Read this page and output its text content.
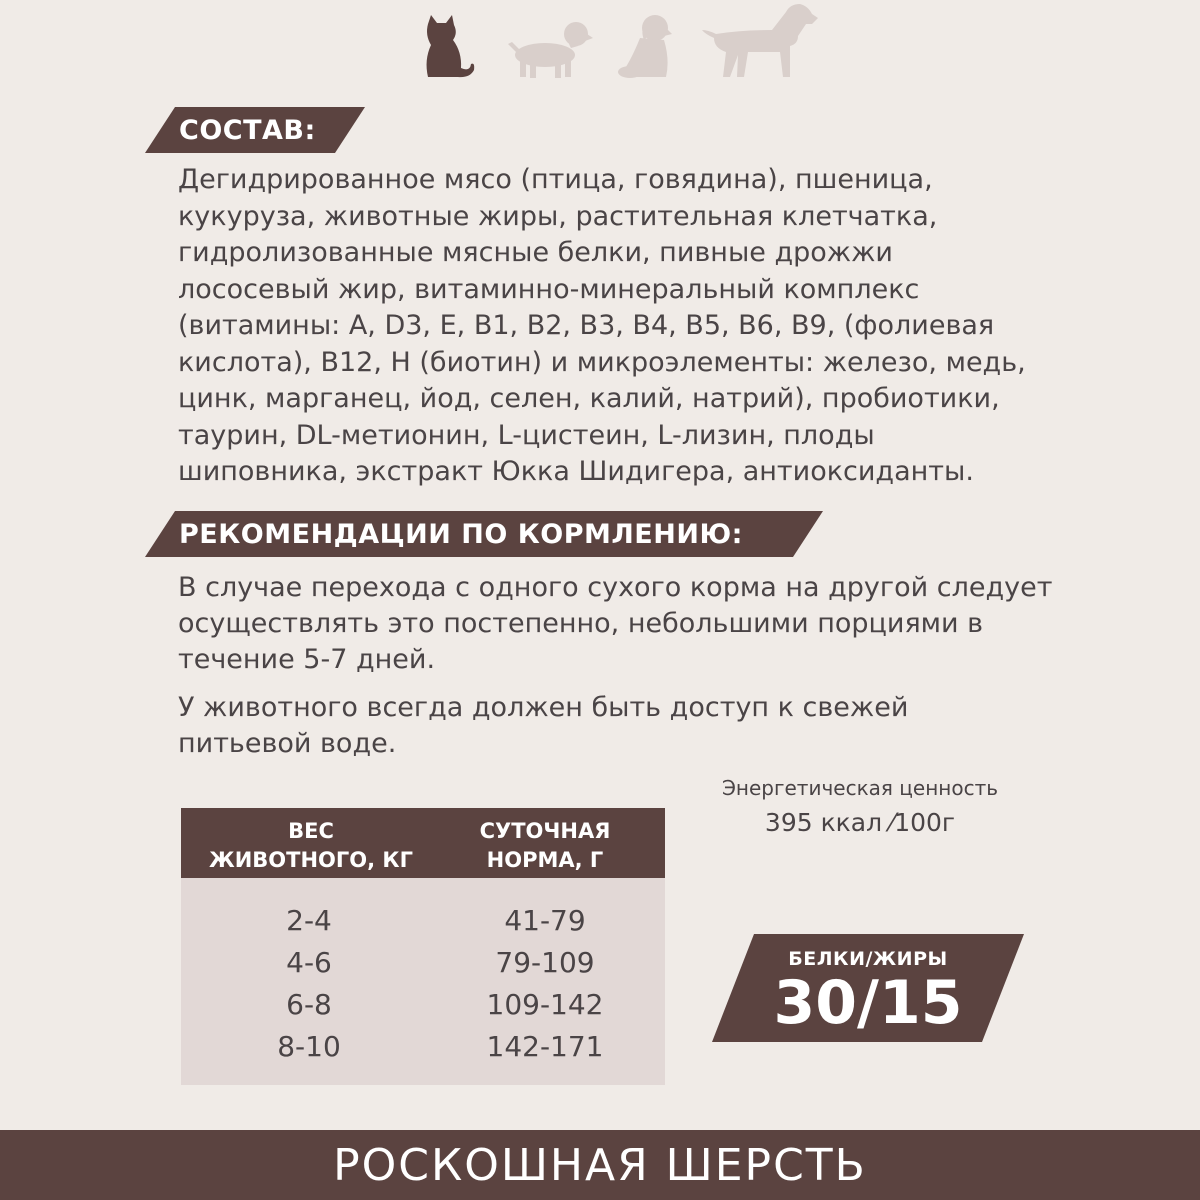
СОСТАВ:

Дегидрированное мясо (птица, говядина), пшеница,
кукуруза, животные жиры, растительная клетчатка,
гидролизованные мясные белки, пивные дрожжи
лососевый жир, витаминно-минеральный комплекс
(витамины: A, D3, E, B1, B2, B3, B4, B5, B6, B9, (фолиевая
кислота), B12, H (биотин) и микроэлементы: железо, медь,
цинк, марганец, йод, селен, калий, натрий), пробиотики,
таурин, DL-метионин, L-цистеин, L-лизин, плоды
шиповника, экстракт Юкка Шидигера, антиоксиданты.

РЕКОМЕНДАЦИИ ПО КОРМЛЕНИЮ:

В случае перехода с одного сухого корма на другой следует
осуществлять это постепенно, небольшими порциями в
течение 5-7 дней.

У животного всегда должен быть доступ к свежей
питьевой воде.

Энергетическая ценность
395 ккал ⁄100г
ВЕС
ЖИВОТНОГО, КГ
СУТОЧНАЯ
НОРМА, Г
2-4
4-6
6-8
8-10
41-79
79-109
109-142
142-171
БЕЛКИ/ЖИРЫ
30/15
РОСКОШНАЯ ШЕРСТЬ
